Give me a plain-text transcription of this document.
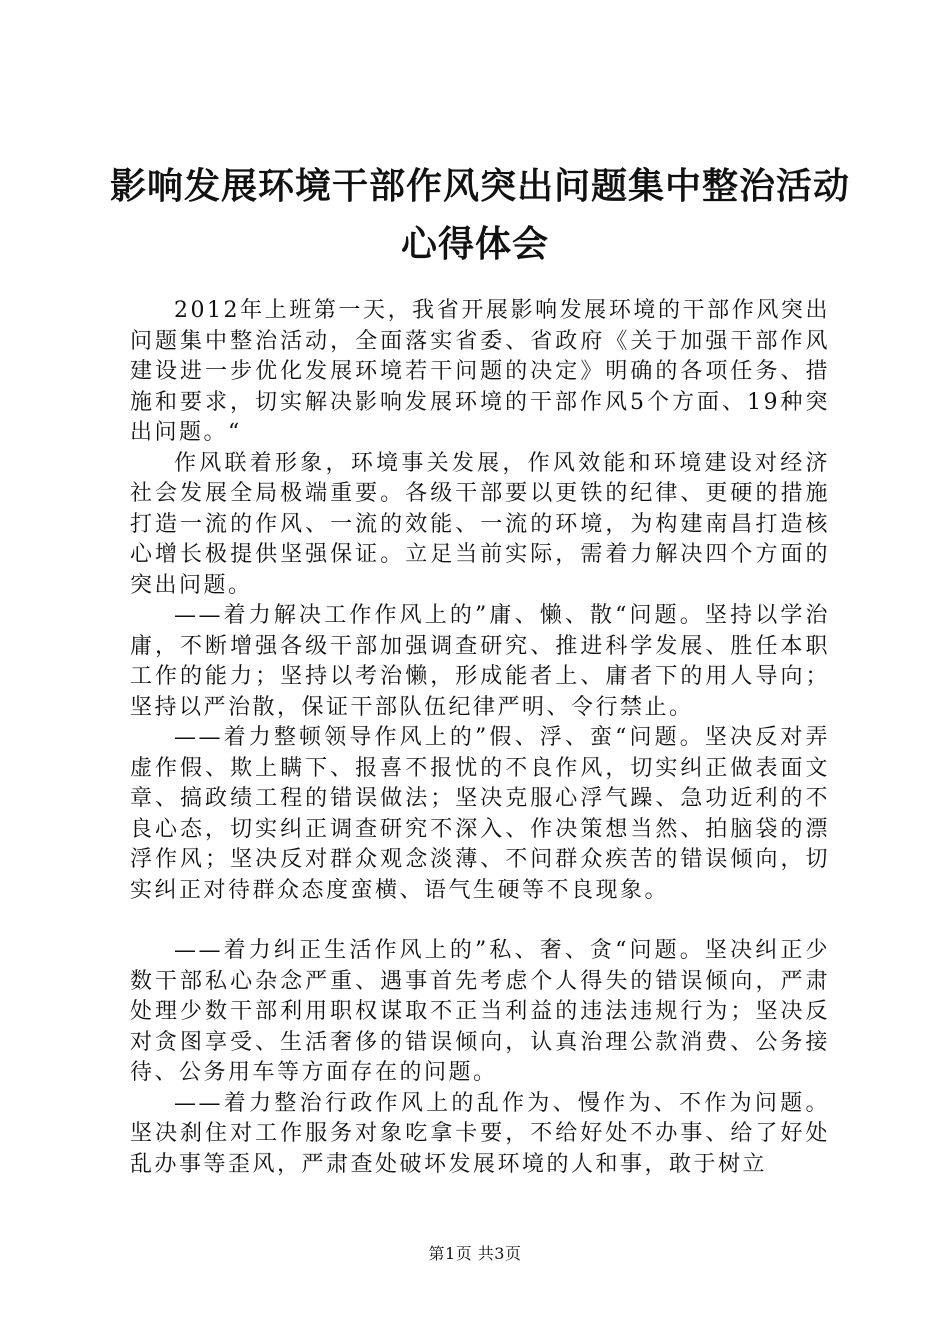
影响发展环境干部作风突出问题集中整治活动
心得体会

2012年上班第一天，我省开展影响发展环境的干部作风突出问题集中整治活动，全面落实省委、省政府《关于加强干部作风建设进一步优化发展环境若干问题的决定》明确的各项任务、措施和要求，切实解决影响发展环境的干部作风5个方面、19种突出问题。“

作风联着形象，环境事关发展，作风效能和环境建设对经济社会发展全局极端重要。各级干部要以更铁的纪律、更硬的措施打造一流的作风、一流的效能、一流的环境，为构建南昌打造核心增长极提供坚强保证。立足当前实际，需着力解决四个方面的突出问题。

——着力解决工作作风上的”庸、懒、散“问题。坚持以学治庸，不断增强各级干部加强调查研究、推进科学发展、胜任本职工作的能力；坚持以考治懒，形成能者上、庸者下的用人导向；坚持以严治散，保证干部队伍纪律严明、令行禁止。

——着力整顿领导作风上的”假、浮、蛮“问题。坚决反对弄虚作假、欺上瞒下、报喜不报忧的不良作风，切实纠正做表面文章、搞政绩工程的错误做法；坚决克服心浮气躁、急功近利的不良心态，切实纠正调查研究不深入、作决策想当然、拍脑袋的漂浮作风；坚决反对群众观念淡薄、不问群众疾苦的错误倾向，切实纠正对待群众态度蛮横、语气生硬等不良现象。

——着力纠正生活作风上的”私、奢、贪“问题。坚决纠正少数干部私心杂念严重、遇事首先考虑个人得失的错误倾向，严肃处理少数干部利用职权谋取不正当利益的违法违规行为；坚决反对贪图享受、生活奢侈的错误倾向，认真治理公款消费、公务接待、公务用车等方面存在的问题。

——着力整治行政作风上的乱作为、慢作为、不作为问题。坚决刹住对工作服务对象吃拿卡要，不给好处不办事、给了好处乱办事等歪风，严肃查处破坏发展环境的人和事，敢于树立

第1页 共3页
